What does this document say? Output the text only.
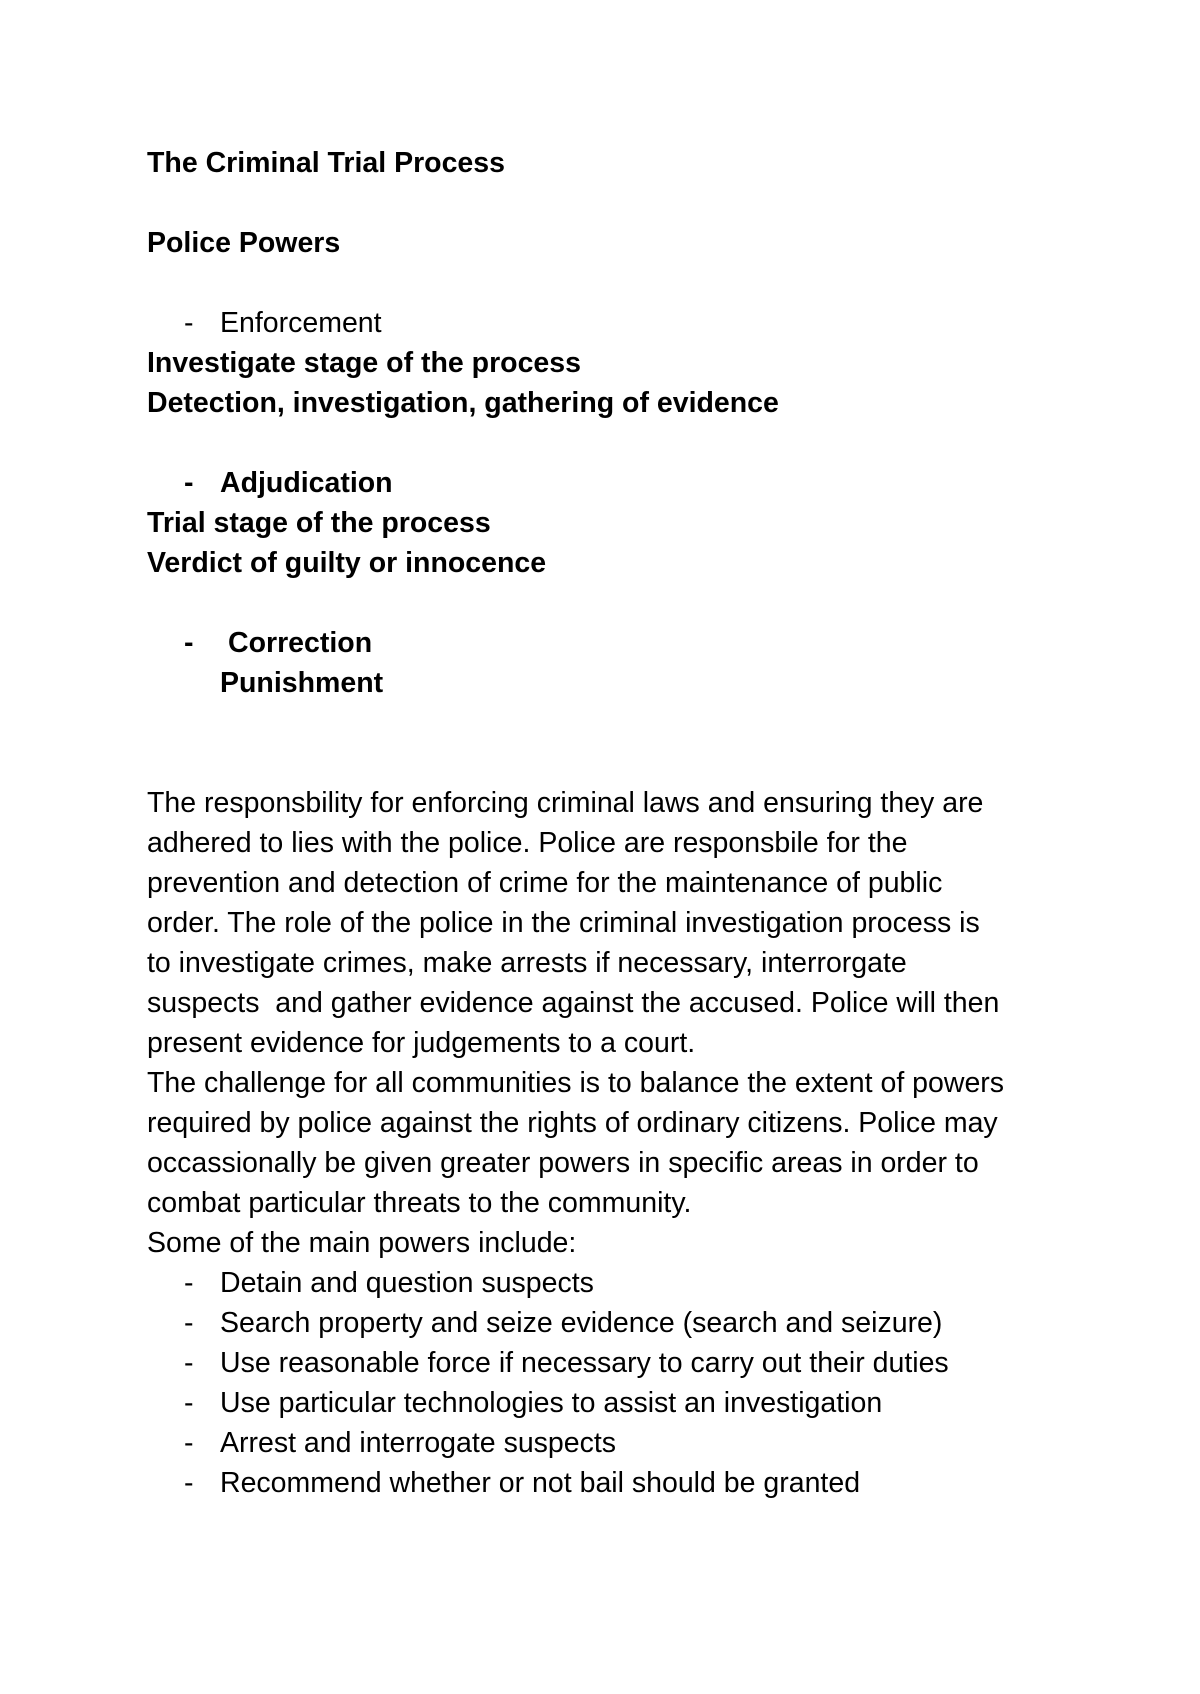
The Criminal Trial Process
Police Powers
- Enforcement
Investigate stage of the process
Detection, investigation, gathering of evidence
- Adjudication
Trial stage of the process
Verdict of guilty or innocence
- Correction
Punishment
The responsbility for enforcing criminal laws and ensuring they are
adhered to lies with the police. Police are responsbile for the
prevention and detection of crime for the maintenance of public
order. The role of the police in the criminal investigation process is
to investigate crimes, make arrests if necessary, interrorgate
suspects  and gather evidence against the accused. Police will then
present evidence for judgements to a court.
The challenge for all communities is to balance the extent of powers
required by police against the rights of ordinary citizens. Police may
occassionally be given greater powers in specific areas in order to
combat particular threats to the community.
Some of the main powers include:
- Detain and question suspects
- Search property and seize evidence (search and seizure)
- Use reasonable force if necessary to carry out their duties
- Use particular technologies to assist an investigation
- Arrest and interrogate suspects
- Recommend whether or not bail should be granted
